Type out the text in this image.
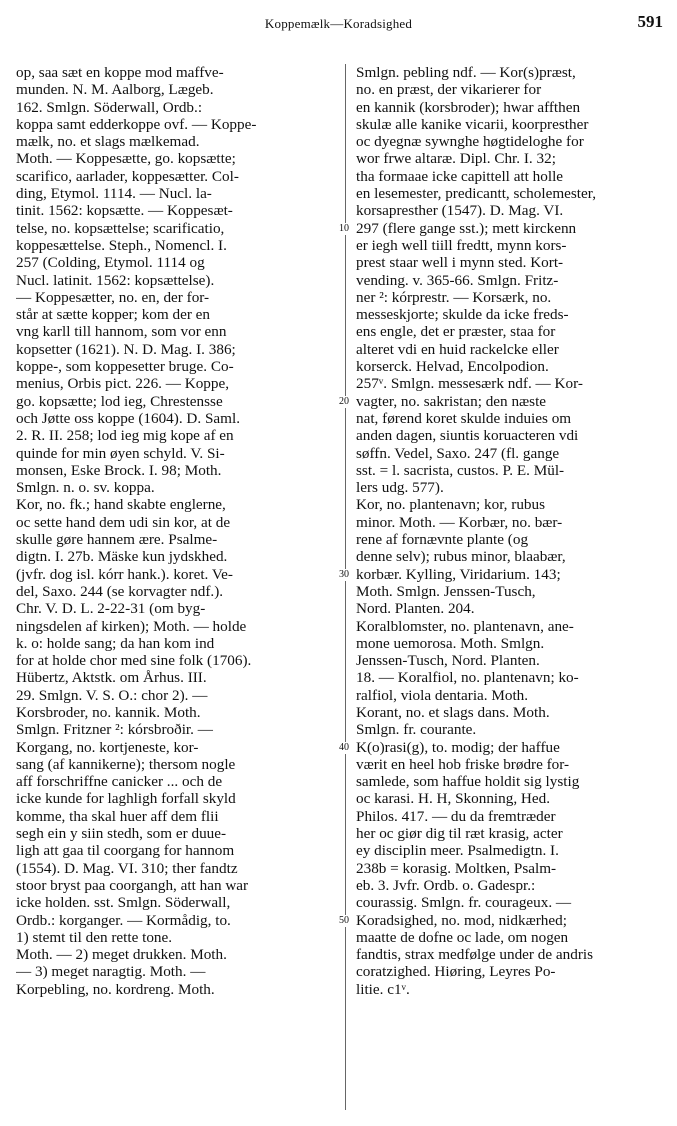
Koppemælk—Koradsighed	591
op, saa sæt en koppe mod maffve-
munden. N. M. Aalborg, Lægeb.
162. Smlgn. Söderwall, Ordb.:
koppa samt edderkoppe ovf. — Koppe-
mælk, no. et slags mælkemad.
Moth. — Koppesætte, go. kopsætte;
scarifico, aarlader, koppesætter. Col-
ding, Etymol. 1114. — Nucl. la-
tinit. 1562: kopsætte. — Koppesæt-
telse, no. kopsættelse; scarificatio,
koppesættelse. Steph., Nomencl. I.
257 (Colding, Etymol. 1114 og
Nucl. latinit. 1562: kopsættelse).
— Koppesætter, no. en, der for-
står at sætte kopper; kom der en
vng karll till hannom, som vor enn
kopsetter (1621). N. D. Mag. I. 386;
koppe-, som koppesetter bruge. Co-
menius, Orbis pict. 226. — Koppe,
go. kopsætte; lod ieg, Chrestensse
och Jøtte oss koppe (1604). D. Saml.
2. R. II. 258; lod ieg mig kope af en
quinde for min øyen schyld. V. Si-
monsen, Eske Brock. I. 98; Moth.
Smlgn. n. o. sv. koppa.
Kor, no. fk.; hand skabte englerne,
oc sette hand dem udi sin kor, at de
skulle gøre hannem ære. Psalme-
digtn. I. 27b. Mäske kun jydskhed.
(jvfr. dog isl. kórr hank.). koret. Ve-
del, Saxo. 244 (se korvagter ndf.).
Chr. V. D. L. 2-22-31 (om byg-
ningsdelen af kirken); Moth. — holde
k. o: holde sang; da han kom ind
for at holde chor med sine folk (1706).
Hübertz, Aktstk. om Århus. III.
29. Smlgn. V. S. O.: chor 2). —
Korsbroder, no. kannik. Moth.
Smlgn. Fritzner ²: kórsbroðir. —
Korgang, no. kortjeneste, kor-
sang (af kannikerne); thersom nogle
aff forschriffne canicker ... och de
icke kunde for laghligh forfall skyld
komme, tha skal huer aff dem flii
segh ein y siin stedh, som er duue-
ligh att gaa til coorgang for hannom
(1554). D. Mag. VI. 310; ther fandtz
stoor bryst paa coorgangh, att han war
icke holden. sst. Smlgn. Söderwall,
Ordb.: korganger. — Kormådig, to.
1) stemt til den rette tone.
Moth. — 2) meget drukken. Moth.
— 3) meget naragtig. Moth. —
Korpebling, no. kordreng. Moth.
Smlgn. pebling ndf. — Kor(s)præst,
no. en præst, der vikarierer for
en kannik (korsbroder); hwar affthen
skulæ alle kanike vicarii, koorpresther
oc dyegnæ sywnghe høgtideloghe for
wor frwe altaræ. Dipl. Chr. I. 32;
tha formaae icke capittell att holle
en lesemester, predicantt, scholemester,
korsapresther (1547). D. Mag. VI.
297 (flere gange sst.); mett kirckenn
er iegh well tiill fredtt, mynn kors-
prest staar well i mynn sted. Kort-
vending. v. 365-66. Smlgn. Fritz-
ner ²: kórprestr. — Korsærk, no.
messeskjorte; skulde da icke freds-
ens engle, det er præster, staa for
alteret vdi en huid rackelcke eller
korserck. Helvad, Encolpodion.
257ᵛ. Smlgn. messesærk ndf. — Kor-
vagter, no. sakristan; den næste
nat, førend koret skulde induies om
anden dagen, siuntis koruacteren vdi
søffn. Vedel, Saxo. 247 (fl. gange
sst. = l. sacrista, custos. P. E. Mül-
lers udg. 577).
Kor, no. plantenavn; kor, rubus
minor. Moth. — Korbær, no. bær-
rene af fornævnte plante (og
denne selv); rubus minor, blaabær,
korbær. Kylling, Viridarium. 143;
Moth. Smlgn. Jenssen-Tusch,
Nord. Planten. 204.
Koralblomster, no. plantenavn, ane-
mone uemorosa. Moth. Smlgn.
Jenssen-Tusch, Nord. Planten.
18. — Koralfiol, no. plantenavn; ko-
ralfiol, viola dentaria. Moth.
Korant, no. et slags dans. Moth.
Smlgn. fr. courante.
K(o)rasi(g), to. modig; der haffue
værit en heel hob friske brødre for-
samlede, som haffue holdit sig lystig
oc karasi. H. H, Skonning, Hed.
Philos. 417. — du da fremtræder
her oc giør dig til ræt krasig, acter
ey disciplin meer. Psalmedigtn. I.
238b = korasig. Moltken, Psalm-
eb. 3. Jvfr. Ordb. o. Gadespr.:
courassig. Smlgn. fr. courageux. —
Koradsighed, no. mod, nidkærhed;
maatte de dofne oc lade, om nogen
fandtis, strax medfølge under de andris
coratzighed. Hiøring, Leyres Po-
litie. c1ᵛ.
10
20
30
40
50
